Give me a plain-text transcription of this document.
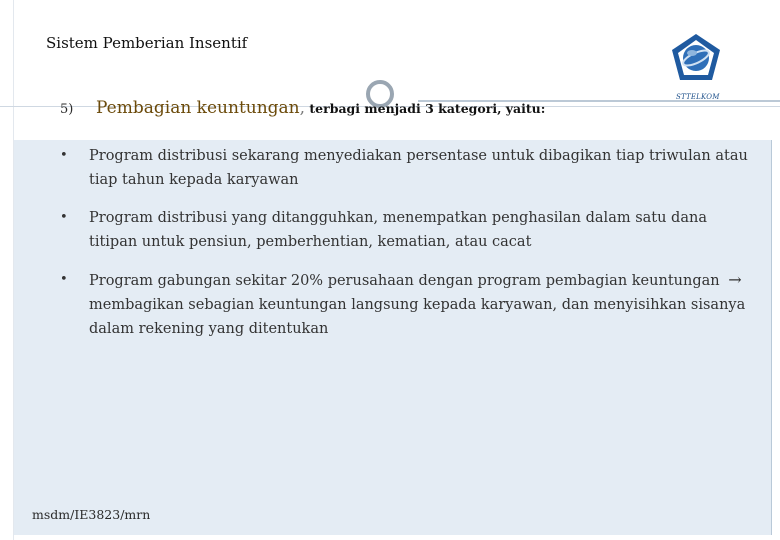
Sistem Pemberian Insentif
STTELKOM
5) Pembagian keuntungan, terbagi menjadi 3 kategori, yaitu:
• Program distribusi sekarang menyediakan persentase untuk dibagikan tiap triwulan atau tiap tahun kepada karyawan
• Program distribusi yang ditangguhkan, menempatkan penghasilan dalam satu dana titipan untuk pensiun, pemberhentian, kematian, atau cacat
• Program gabungan sekitar 20% perusahaan dengan program pembagian keuntungan → membagikan sebagian keuntungan langsung kepada karyawan, dan menyisihkan sisanya dalam rekening yang ditentukan
msdm/IE3823/mrn
